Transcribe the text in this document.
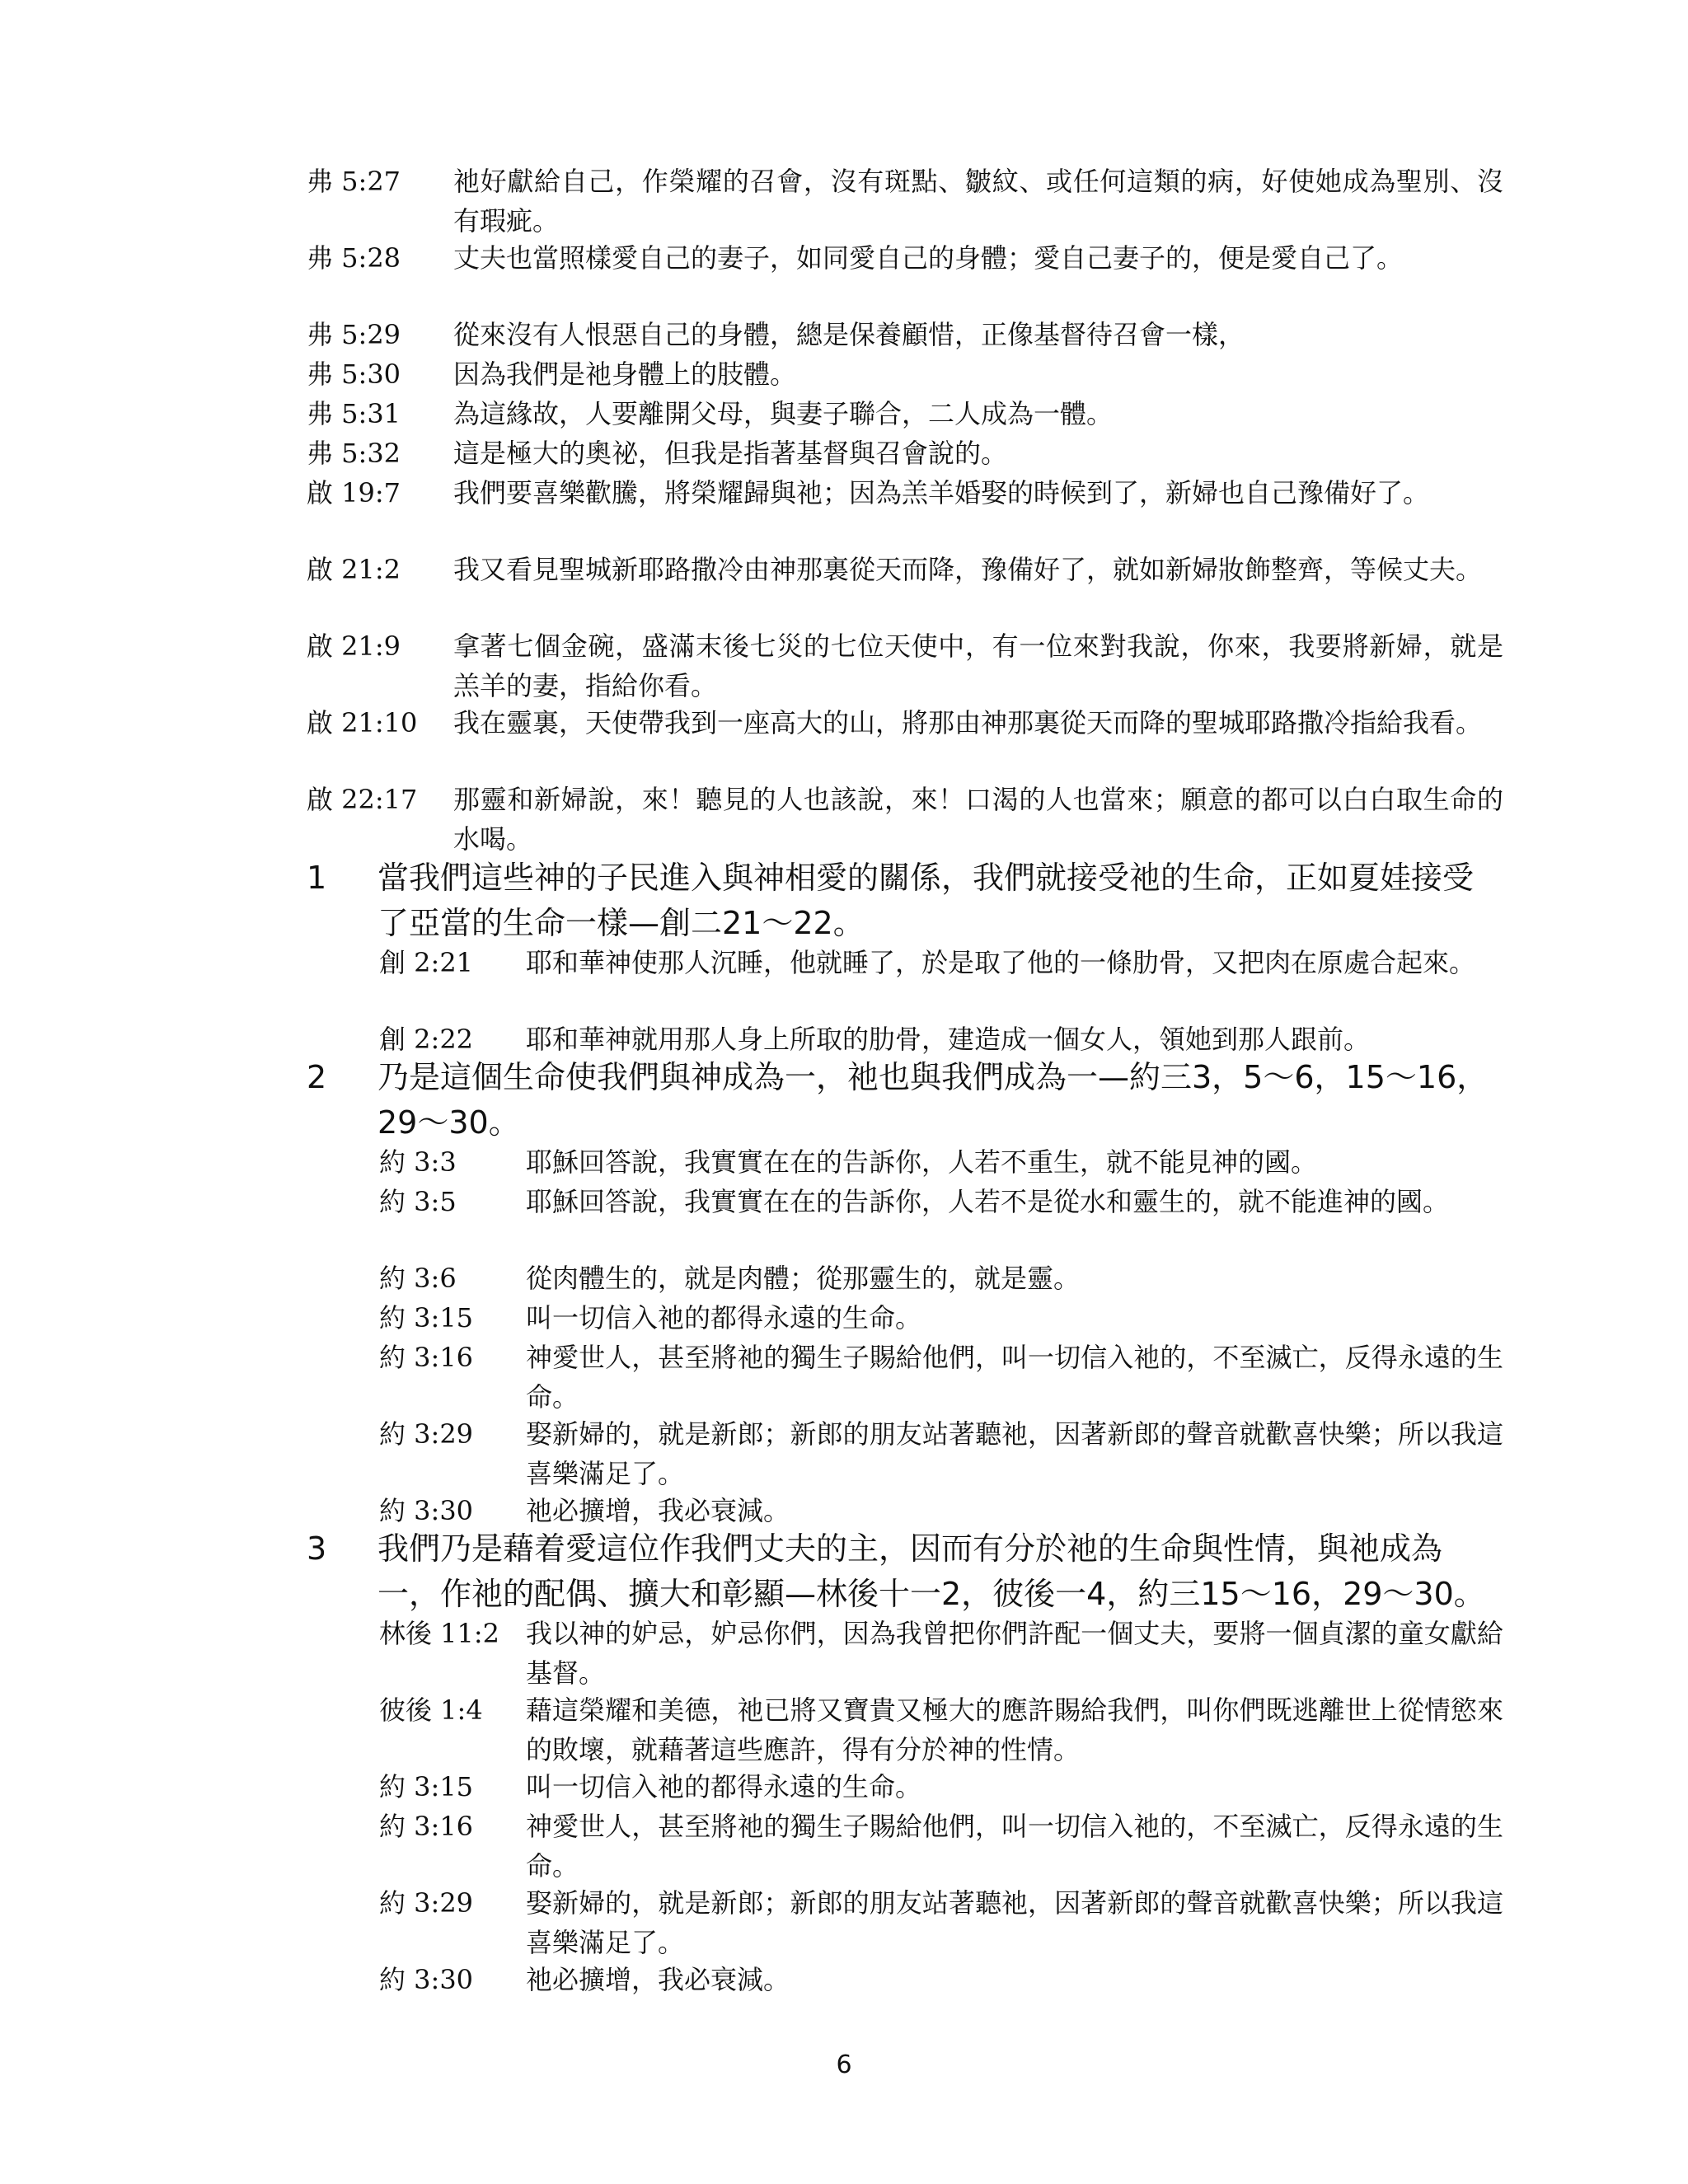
弗 5:27 祂好獻給自己，作榮耀的召會，沒有斑點、皺紋、或任何這類的病，好使她成為聖別、沒有瑕疵。
弗 5:28 丈夫也當照樣愛自己的妻子，如同愛自己的身體；愛自己妻子的，便是愛自己了。
弗 5:29 從來沒有人恨惡自己的身體，總是保養顧惜，正像基督待召會一樣，
弗 5:30 因為我們是祂身體上的肢體。
弗 5:31 為這緣故，人要離開父母，與妻子聯合，二人成為一體。
弗 5:32 這是極大的奧祕，但我是指著基督與召會說的。
啟 19:7 我們要喜樂歡騰，將榮耀歸與祂；因為羔羊婚娶的時候到了，新婦也自己豫備好了。
啟 21:2 我又看見聖城新耶路撒冷由神那裏從天而降，豫備好了，就如新婦妝飾整齊，等候丈夫。
啟 21:9 拿著七個金碗，盛滿末後七災的七位天使中，有一位來對我說，你來，我要將新婦，就是羔羊的妻，指給你看。
啟 21:10 我在靈裏，天使帶我到一座高大的山，將那由神那裏從天而降的聖城耶路撒冷指給我看。
啟 22:17 那靈和新婦說，來！聽見的人也該說，來！口渴的人也當來；願意的都可以白白取生命的水喝。
1 當我們這些神的子民進入與神相愛的關係，我們就接受祂的生命，正如夏娃接受了亞當的生命一樣—創二21～22。
創 2:21 耶和華神使那人沉睡，他就睡了，於是取了他的一條肋骨，又把肉在原處合起來。
創 2:22 耶和華神就用那人身上所取的肋骨，建造成一個女人，領她到那人跟前。
2 乃是這個生命使我們與神成為一，祂也與我們成為一—約三3，5～6，15～16，29～30。
約 3:3	耶穌回答說，我實實在在的告訴你，人若不重生，就不能見神的國。
約 3:5	耶穌回答說，我實實在在的告訴你，人若不是從水和靈生的，就不能進神的國。
約 3:6	從肉體生的，就是肉體；從那靈生的，就是靈。
約 3:15 叫一切信入祂的都得永遠的生命。
約 3:16 神愛世人，甚至將祂的獨生子賜給他們，叫一切信入祂的，不至滅亡，反得永遠的生命。
約 3:29 娶新婦的，就是新郎；新郎的朋友站著聽祂，因著新郎的聲音就歡喜快樂；所以我這喜樂滿足了。
約 3:30 祂必擴增，我必衰減。
3 我們乃是藉着愛這位作我們丈夫的主，因而有分於祂的生命與性情，與祂成為一，作祂的配偶、擴大和彰顯—林後十一2，彼後一4，約三15～16，29～30。
林後 11:2 我以神的妒忌，妒忌你們，因為我曾把你們許配一個丈夫，要將一個貞潔的童女獻給基督。
彼後 1:4 藉這榮耀和美德，祂已將又寶貴又極大的應許賜給我們，叫你們既逃離世上從情慾來的敗壞，就藉著這些應許，得有分於神的性情。
約 3:15 叫一切信入祂的都得永遠的生命。
約 3:16 神愛世人，甚至將祂的獨生子賜給他們，叫一切信入祂的，不至滅亡，反得永遠的生命。
約 3:29 娶新婦的，就是新郎；新郎的朋友站著聽祂，因著新郎的聲音就歡喜快樂；所以我這喜樂滿足了。
約 3:30 祂必擴增，我必衰減。
6
